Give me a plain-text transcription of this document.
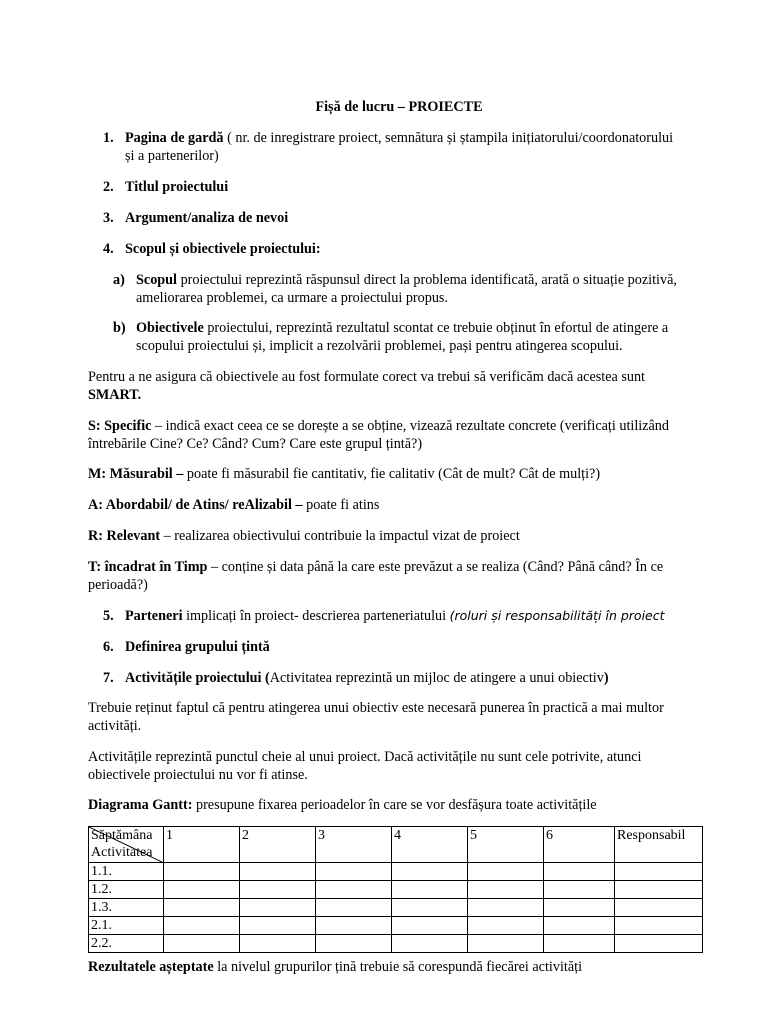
Fișă de lucru – PROIECTE
1. Pagina de gardă ( nr. de inregistrare proiect, semnătura și ștampila inițiatorului/coordonatorului
și a partenerilor)
2. Titlul proiectului
3. Argument/analiza de nevoi
4. Scopul și obiectivele proiectului:
a) Scopul proiectului reprezintă răspunsul direct la problema identificată, arată o situație pozitivă,
ameliorarea problemei, ca urmare a proiectului propus.
b) Obiectivele proiectului, reprezintă rezultatul scontat ce trebuie obținut în efortul de atingere a
scopului proiectului și, implicit a rezolvării problemei, pași pentru atingerea scopului.
Pentru a ne asigura că obiectivele au fost formulate corect va trebui să verificăm dacă acestea sunt
SMART.
S: Specific – indică exact ceea ce se dorește a se obține, vizează rezultate concrete (verificați utilizând
întrebările Cine? Ce? Când? Cum? Care este grupul țintă?)
M: Măsurabil – poate fi măsurabil fie cantitativ, fie calitativ (Cât de mult? Cât de mulți?)
A: Abordabil/ de Atins/ reAlizabil – poate fi atins
R: Relevant – realizarea obiectivului contribuie la impactul vizat de proiect
T: încadrat în Timp – conține și data până la care este prevăzut a se realiza (Când? Până când? În ce
perioadă?)
5. Parteneri implicați în proiect- descrierea parteneriatului (roluri și responsabilități în proiect
6. Definirea grupului țintă
7. Activitățile proiectului (Activitatea reprezintă un mijloc de atingere a unui obiectiv)
Trebuie reținut faptul că pentru atingerea unui obiectiv este necesară punerea în practică a mai multor
activități.
Activitățile reprezintă punctul cheie al unui proiect. Dacă activitățile nu sunt cele potrivite, atunci
obiectivele proiectului nu vor fi atinse.
Diagrama Gantt: presupune fixarea perioadelor în care se vor desfășura toate activitățile
Săptămâna
Activitatea	1	2	3	4	5	6	Responsabil
1.1.							
1.2.							
1.3.							
2.1.							
2.2.							
Rezultatele așteptate la nivelul grupurilor țină trebuie să corespundă fiecărei activități
